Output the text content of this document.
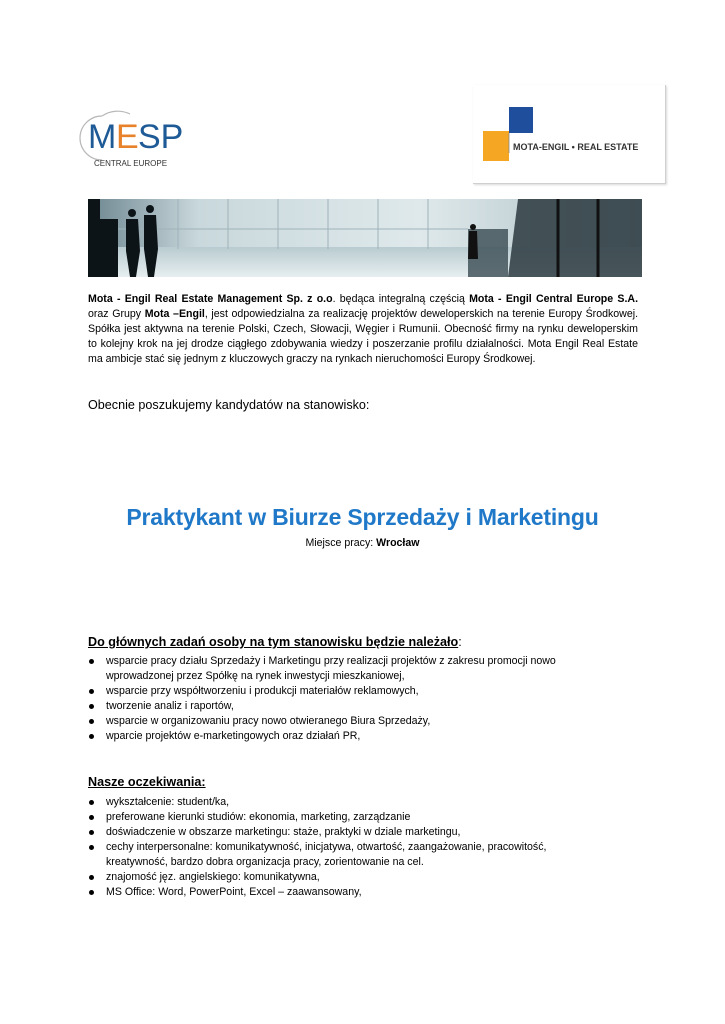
M E SP
CENTRAL EUROPE
MOTA-ENGIL • REAL ESTATE
Mota - Engil Real Estate Management Sp. z o.o. będąca integralną częścią Mota - Engil Central Europe S.A. oraz Grupy Mota –Engil, jest odpowiedzialna za realizację projektów deweloperskich na terenie Europy Środkowej. Spółka jest aktywna na terenie Polski, Czech, Słowacji, Węgier i Rumunii. Obecność firmy na rynku deweloperskim to kolejny krok na jej drodze ciągłego zdobywania wiedzy i poszerzanie profilu działalności. Mota Engil Real Estate ma ambicje stać się jednym z kluczowych graczy na rynkach nieruchomości Europy Środkowej.
Obecnie poszukujemy kandydatów na stanowisko:
Praktykant w Biurze Sprzedaży i Marketingu
Miejsce pracy: Wrocław
Do głównych zadań osoby na tym stanowisku będzie należało:
wsparcie pracy działu Sprzedaży i Marketingu przy realizacji projektów z zakresu promocji nowo wprowadzonej przez Spółkę na rynek inwestycji mieszkaniowej,
wsparcie przy współtworzeniu i produkcji materiałów reklamowych,
tworzenie analiz i raportów,
wsparcie w organizowaniu pracy nowo otwieranego Biura Sprzedaży,
wparcie projektów e-marketingowych oraz działań PR,
Nasze oczekiwania:
wykształcenie: student/ka,
preferowane kierunki studiów: ekonomia, marketing, zarządzanie
doświadczenie w obszarze marketingu: staże, praktyki w dziale marketingu,
cechy interpersonalne: komunikatywność, inicjatywa, otwartość, zaangażowanie, pracowitość, kreatywność, bardzo dobra organizacja pracy, zorientowanie na cel.
znajomość jęz. angielskiego: komunikatywna,
MS Office: Word, PowerPoint, Excel – zaawansowany,
